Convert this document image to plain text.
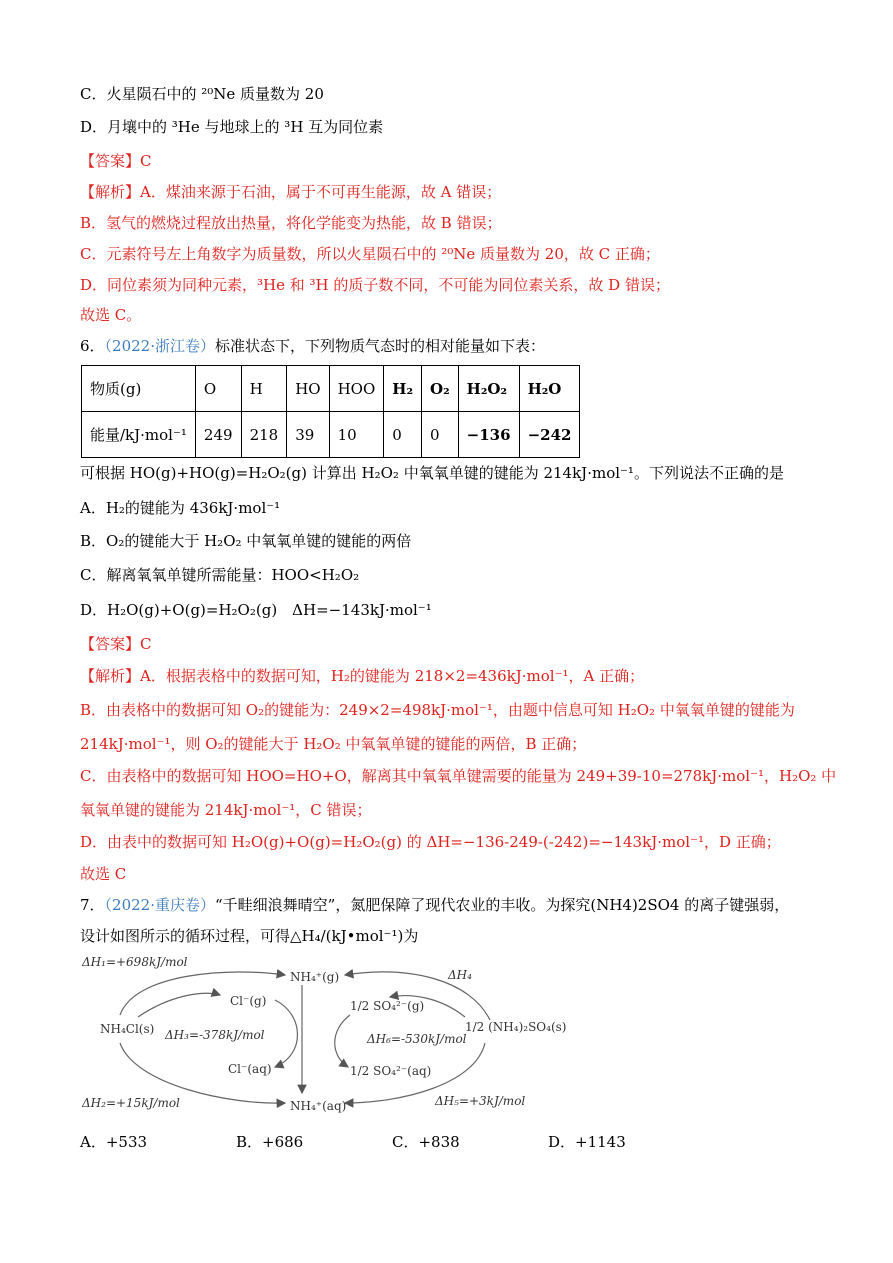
C．火星陨石中的 ²⁰Ne 质量数为 20
D．月壤中的 ³He 与地球上的 ³H 互为同位素
【答案】C
【解析】A．煤油来源于石油，属于不可再生能源，故 A 错误；
B．氢气的燃烧过程放出热量，将化学能变为热能，故 B 错误；
C．元素符号左上角数字为质量数，所以火星陨石中的 ²⁰Ne 质量数为 20，故 C 正确；
D．同位素须为同种元素，³He 和 ³H 的质子数不同，不可能为同位素关系，故 D 错误；
故选 C。
6．（2022·浙江卷）标准状态下，下列物质气态时的相对能量如下表：
物质(g)	O	H	HO	HOO	H₂	O₂	H₂O₂	H₂O
能量/kJ·mol⁻¹	249	218	39	10	0	0	−136	−242
可根据 HO(g)+HO(g)=H₂O₂(g) 计算出 H₂O₂ 中氧氧单键的键能为 214kJ·mol⁻¹。下列说法不正确的是
A．H₂的键能为 436kJ·mol⁻¹
B．O₂的键能大于 H₂O₂ 中氧氧单键的键能的两倍
C．解离氧氧单键所需能量：HOO<H₂O₂
D．H₂O(g)+O(g)=H₂O₂(g)　ΔH=−143kJ·mol⁻¹
【答案】C
【解析】A．根据表格中的数据可知，H₂的键能为 218×2=436kJ·mol⁻¹，A 正确；
B．由表格中的数据可知 O₂的键能为：249×2=498kJ·mol⁻¹，由题中信息可知 H₂O₂ 中氧氧单键的键能为
214kJ·mol⁻¹，则 O₂的键能大于 H₂O₂ 中氧氧单键的键能的两倍，B 正确；
C．由表格中的数据可知 HOO=HO+O，解离其中氧氧单键需要的能量为 249+39-10=278kJ·mol⁻¹，H₂O₂ 中
氧氧单键的键能为 214kJ·mol⁻¹，C 错误；
D．由表中的数据可知 H₂O(g)+O(g)=H₂O₂(g) 的 ΔH=−136-249-(-242)=−143kJ·mol⁻¹，D 正确；
故选 C
7．（2022·重庆卷）“千畦细浪舞晴空”，氮肥保障了现代农业的丰收。为探究(NH4)2SO4 的离子键强弱，
设计如图所示的循环过程，可得△H₄/(kJ•mol⁻¹)为
ΔH₁=+698kJ/mol
ΔH₂=+15kJ/mol
ΔH₃=-378kJ/mol
ΔH₄
ΔH₅=+3kJ/mol
ΔH₆=-530kJ/mol
NH₄⁺(g)
NH₄⁺(aq)
Cl⁻(g)
Cl⁻(aq)
NH₄Cl(s)
1/2 SO₄²⁻(g)
1/2 SO₄²⁻(aq)
1/2 (NH₄)₂SO₄(s)
A．+533	B．+686	C．+838	D．+1143
